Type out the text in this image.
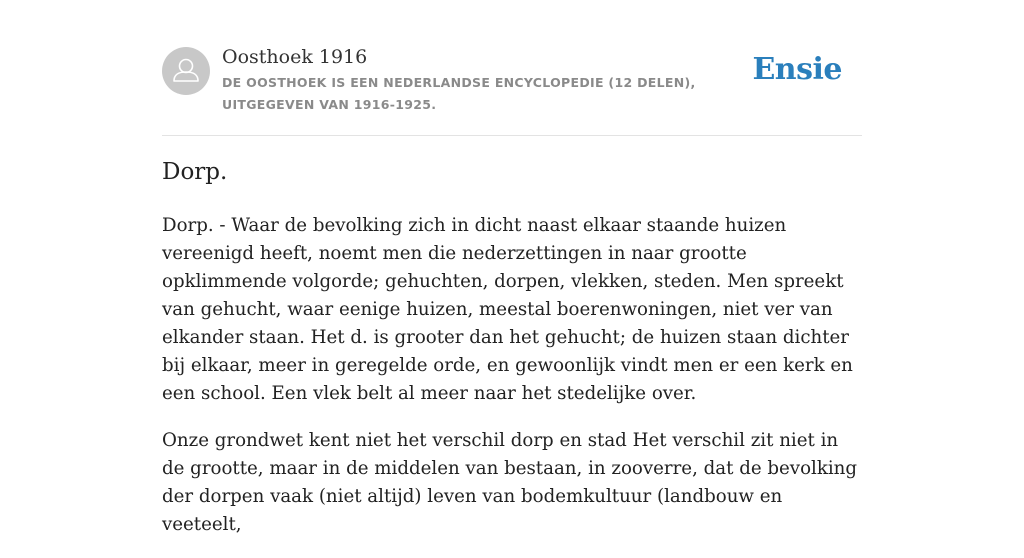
Oosthoek 1916
DE OOSTHOEK IS EEN NEDERLANDSE ENCYCLOPEDIE (12 DELEN), UITGEGEVEN VAN 1916-1925.
Ensie
Dorp.

Dorp. - Waar de bevolking zich in dicht naast elkaar staande huizen vereenigd heeft, noemt men die nederzettingen in naar grootte opklimmende volgorde; gehuchten, dorpen, vlekken, steden. Men spreekt van gehucht, waar eenige huizen, meestal boerenwoningen, niet ver van elkander staan. Het d. is grooter dan het gehucht; de huizen staan dichter bij elkaar, meer in geregelde orde, en gewoonlijk vindt men er een kerk en een school. Een vlek belt al meer naar het stedelijke over.

Onze grondwet kent niet het verschil dorp en stad Het verschil zit niet in de grootte, maar in de middelen van bestaan, in zooverre, dat de bevolking der dorpen vaak (niet altijd) leven van bodemkultuur (landbouw en veeteelt,
